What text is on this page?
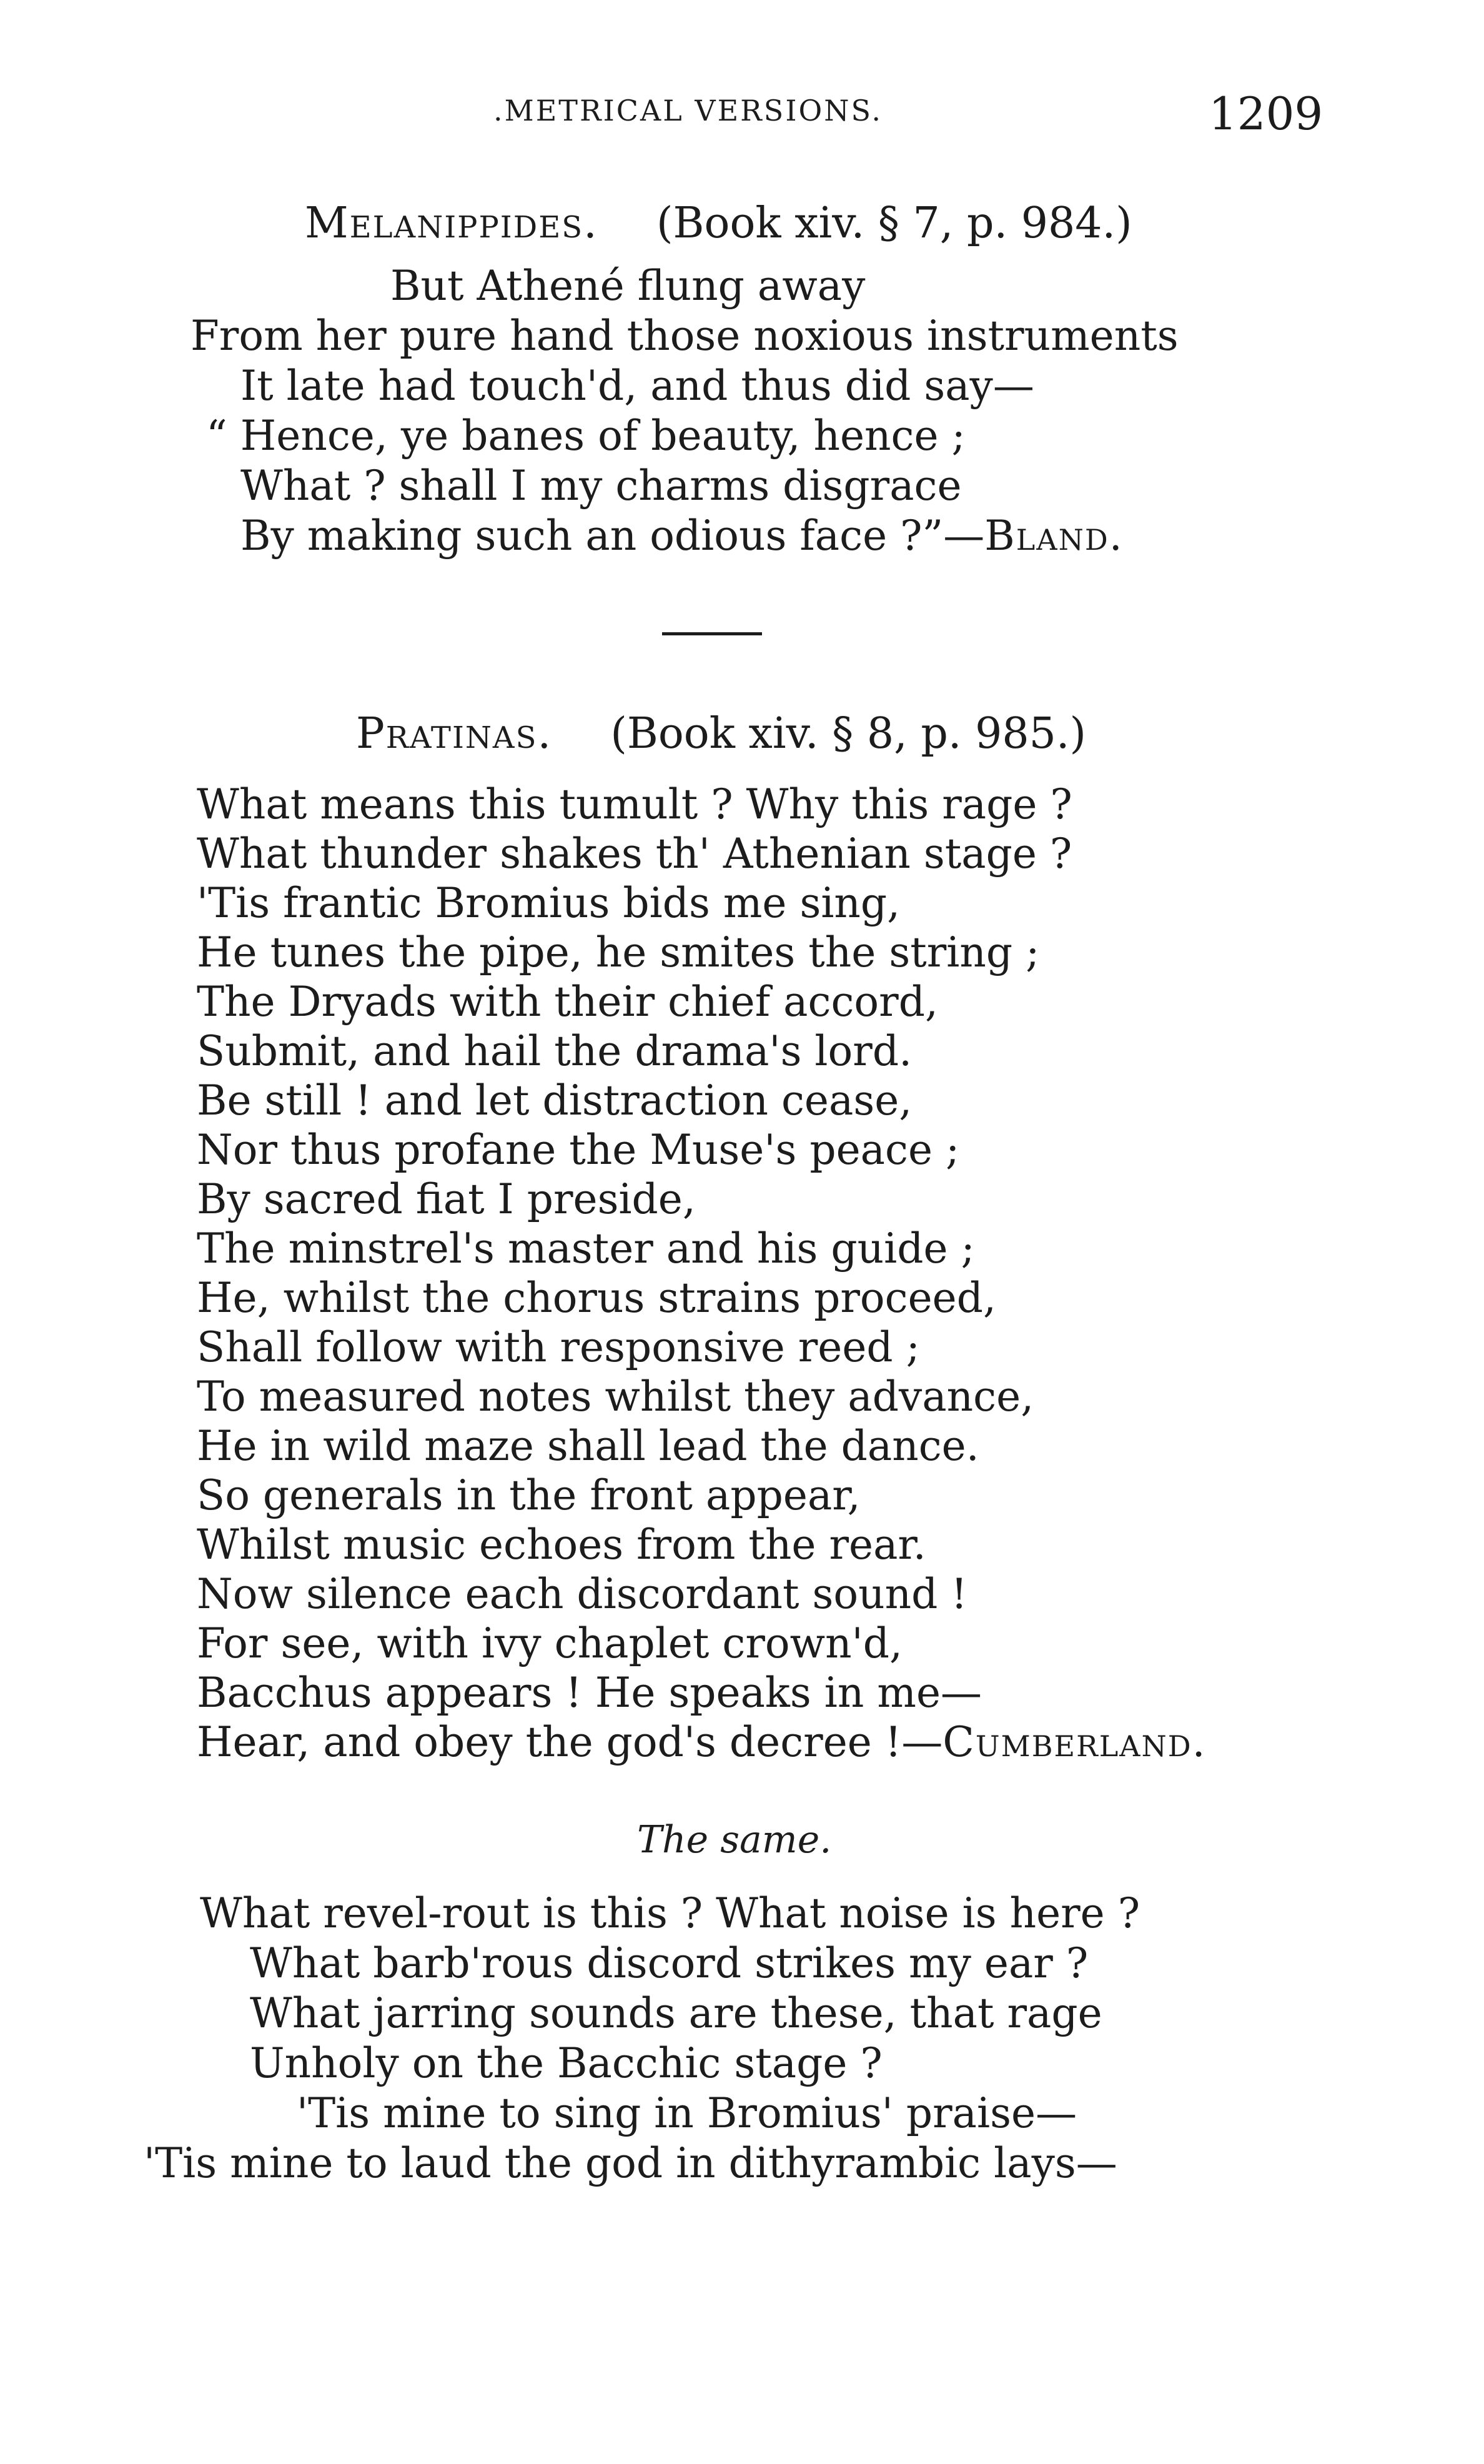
.METRICAL VERSIONS.	1209
Melanippides. (Book xiv. § 7, p. 984.)
But Athené flung away
From her pure hand those noxious instruments
It late had touch'd, and thus did say—
“ Hence, ye banes of beauty, hence ;
What ? shall I my charms disgrace
By making such an odious face ?”—Bland.
Pratinas. (Book xiv. § 8, p. 985.)
What means this tumult ? Why this rage ?
What thunder shakes th' Athenian stage ?
'Tis frantic Bromius bids me sing,
He tunes the pipe, he smites the string ;
The Dryads with their chief accord,
Submit, and hail the drama's lord.
Be still ! and let distraction cease,
Nor thus profane the Muse's peace ;
By sacred fiat I preside,
The minstrel's master and his guide ;
He, whilst the chorus strains proceed,
Shall follow with responsive reed ;
To measured notes whilst they advance,
He in wild maze shall lead the dance.
So generals in the front appear,
Whilst music echoes from the rear.
Now silence each discordant sound !
For see, with ivy chaplet crown'd,
Bacchus appears ! He speaks in me—
Hear, and obey the god's decree !—Cumberland.
The same.
What revel-rout is this ? What noise is here ?
What barb'rous discord strikes my ear ?
What jarring sounds are these, that rage
Unholy on the Bacchic stage ?
'Tis mine to sing in Bromius' praise—
'Tis mine to laud the god in dithyrambic lays—
